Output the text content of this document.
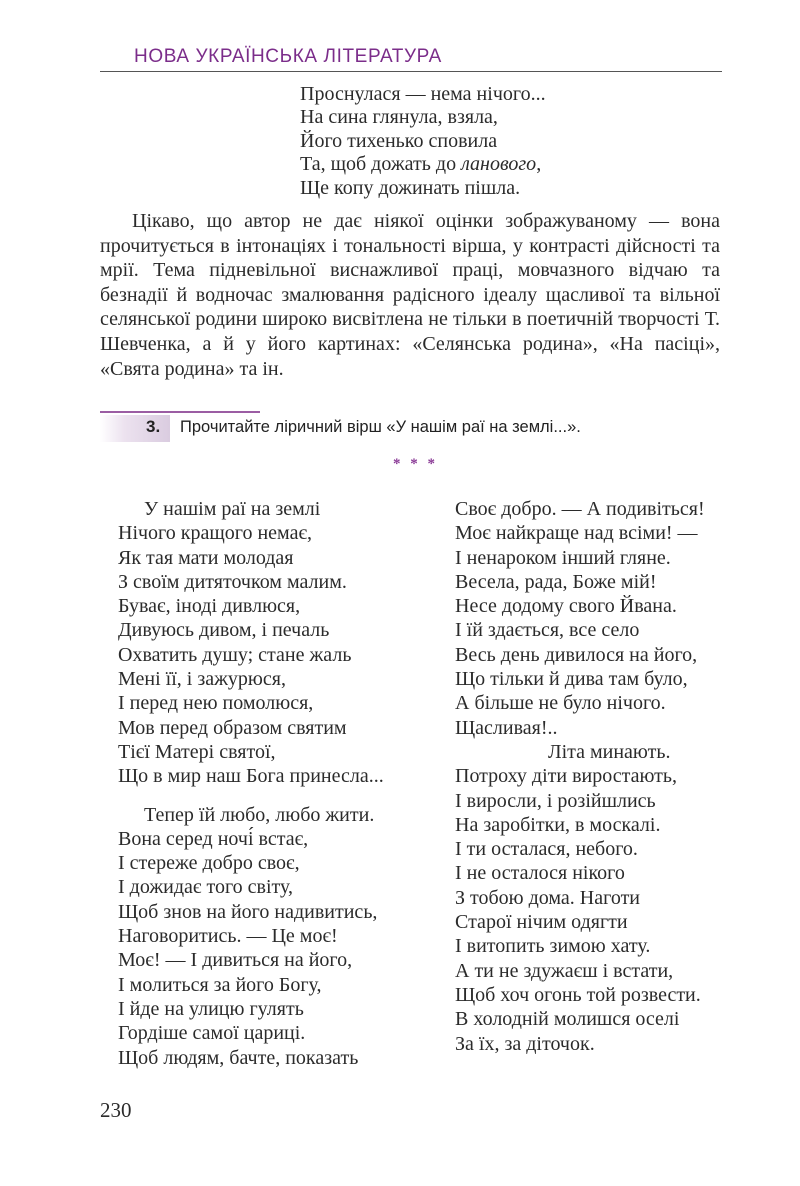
НОВА УКРАЇНСЬКА ЛІТЕРАТУРА
Проснулася — нема нічого...
На сина глянула, взяла,
Його тихенько сповила
Та, щоб дожать до ланового,
Ще копу дожинать пішла.

Цікаво, що автор не дає ніякої оцінки зображуваному — вона прочитується в інтонаціях і тональності вірша, у контрасті дійсності та мрії. Тема підневільної виснажливої праці, мовчазного відчаю та безнадії й водночас змалювання радісного ідеалу щасливої та вільної селянської родини широко висвітлена не тільки в поетичній творчості Т. Шевченка, а й у його картинах: «Селянська родина», «На пасіці», «Свята родина» та ін.

3. Прочитайте ліричний вірш «У нашім раї на землі...».
* * *
У нашім раї на землі
Нічого кращого немає,
Як тая мати молодая
З своїм дитяточком малим.
Буває, іноді дивлюся,
Дивуюсь дивом, і печаль
Охватить душу; стане жаль
Мені її, і зажурюся,
І перед нею помолюся,
Мов перед образом святим
Тієї Матері святої,
Що в мир наш Бога принесла...
Тепер їй любо, любо жити.
Вона серед ночі́ встає,
І стереже добро своє,
І дожидає того світу,
Щоб знов на його надивитись,
Наговоритись. — Це моє!
Моє! — І дивиться на його,
І молиться за його Богу,
І йде на улицю гулять
Гордіше самої цариці.
Щоб людям, бачте, показать
Своє добро. — А подивіться!
Моє найкраще над всіми! —
І ненароком інший гляне.
Весела, рада, Боже мій!
Несе додому свого Йвана.
І їй здається, все село
Весь день дивилося на його,
Що тільки й дива там було,
А більше не було нічого.
Щасливая!..
Літа минають.
Потроху діти виростають,
І виросли, і розійшлись
На заробітки, в москалі.
І ти осталася, небого.
І не осталося нікого
З тобою дома. Наготи
Старої нічим одягти
І витопить зимою хату.
А ти не здужаєш і встати,
Щоб хоч огонь той розвести.
В холодній молишся оселі
За їх, за діточок.
230
